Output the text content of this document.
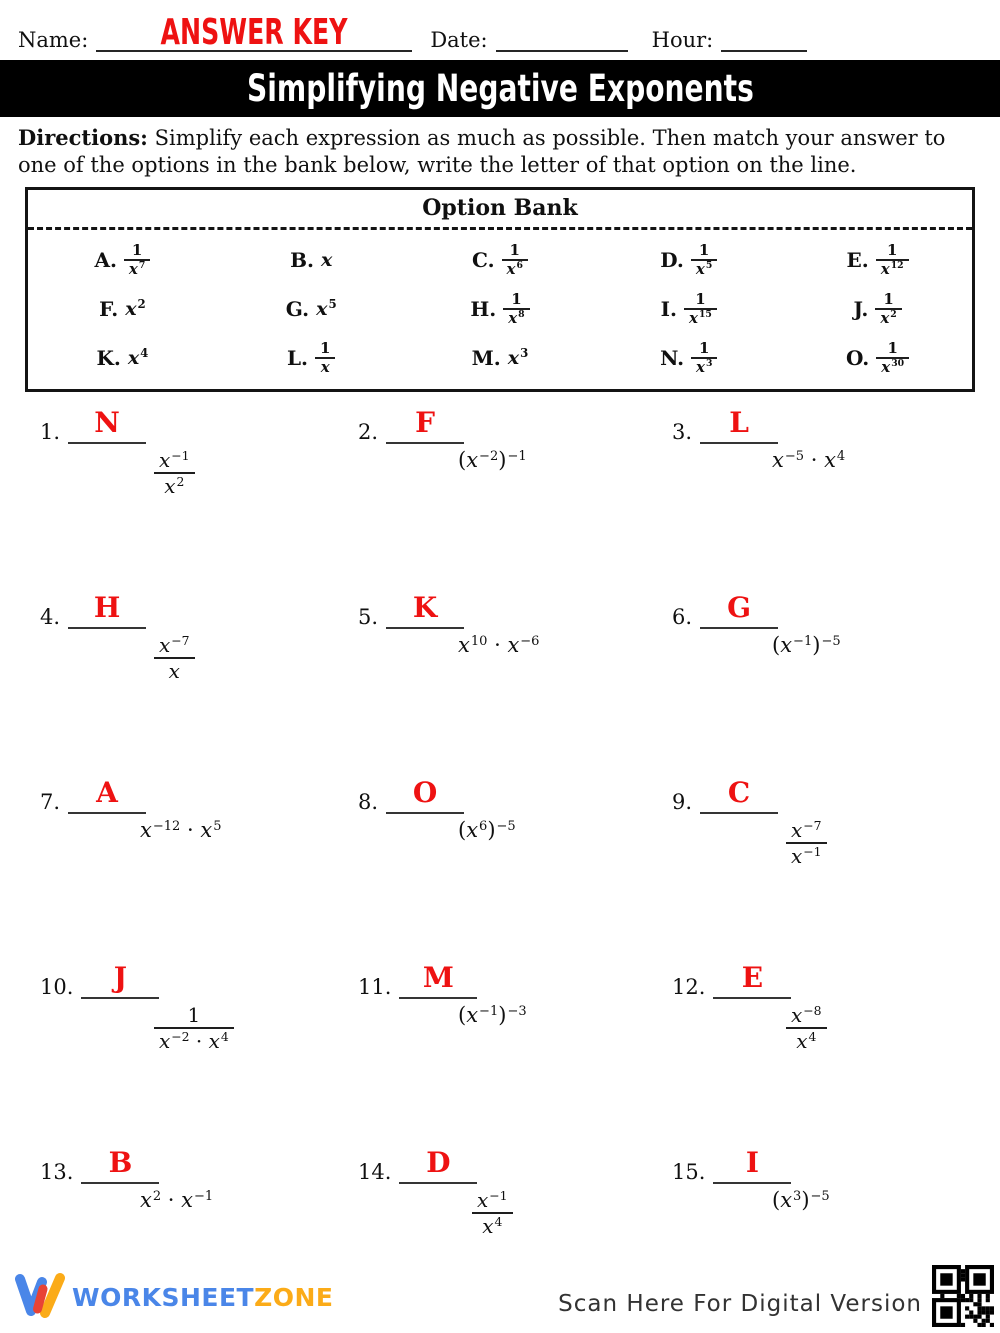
Name: ANSWER KEY	Date:	Hour:
Simplifying Negative Exponents

Directions: Simplify each expression as much as possible. Then match your answer to one of the options in the bank below, write the letter of that option on the line.

Option Bank
A. $\frac{1}{x^7}$	B. x	C. $\frac{1}{x^6}$	D. $\frac{1}{x^5}$	E. $\frac{1}{x^{12}}$
F. $x^2$	G. $x^5$	H. $\frac{1}{x^8}$	I. $\frac{1}{x^{15}}$	J. $\frac{1}{x^2}$
K. $x^4$	L. $\frac{1}{x}$	M. $x^3$	N. $\frac{1}{x^3}$	O. $\frac{1}{x^{30}}$
1.	N
$\frac{x^{-1}}{x^2}$
2.	F
$(x^{-2})^{-1}$
3.	L
$x^{-5} \cdot x^4$
4.	H
$\frac{x^{-7}}{x}$
5.	K
$x^{10} \cdot x^{-6}$
6.	G
$(x^{-1})^{-5}$
7.	A
$x^{-12} \cdot x^5$
8.	O
$(x^6)^{-5}$
9.	C
$\frac{x^{-7}}{x^{-1}}$
10.	J
$\frac{1}{x^{-2} \cdot x^4}$
11.	M
$(x^{-1})^{-3}$
12.	E
$\frac{x^{-8}}{x^4}$
13.	B
$x^2 \cdot x^{-1}$
14.	D
$\frac{x^{-1}}{x^4}$
15.	I
$(x^3)^{-5}$
WORKSHEETZONE	Scan Here For Digital Version
